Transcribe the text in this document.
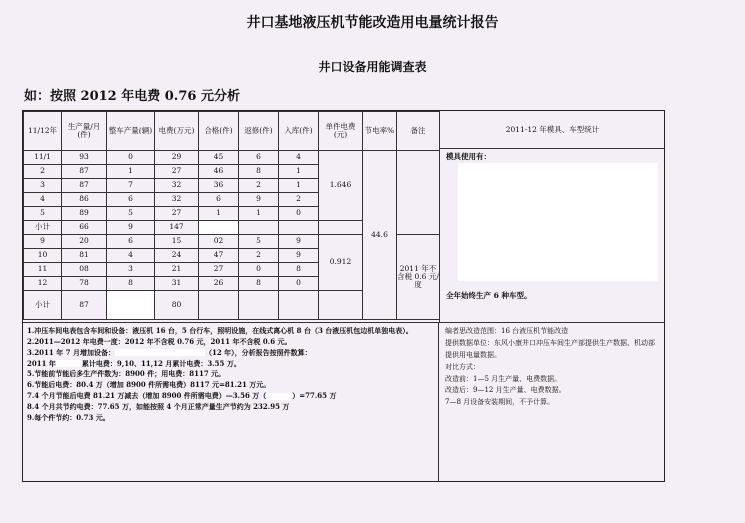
井口基地液压机节能改造用电量统计报告
井口设备用能调查表
如：按照 2012 年电费 0.76 元分析
11/12年	生产量/月(件)	整车产量(辆)	电费(万元)	合格(件)	返修(件)	入库(件)	单件电费(元)	节电率%	备注
11/1	93	0	29	45	6	4	1.646	44.6	
2	87	1	27	46	8	1			
3	87	7	32	36	2	1			
4	86	6	32	6	9	2			
5	89	5	27	1	1	0			
小计	66	9	147						
9	20	6	15	02	5	9	0.912		2011 年不含税 0.6 元/度
10	81	4	24	47	2	9			
11	08	3	21	27	0	8			
12	78	8	31	26	8	0			
小计	87		80						
2011-12 年模具、车型统计
模具使用有：
全年始终生产 6 种车型。
1.冲压车间电表包含车间和设备：液压机 16 台，5 台行车，照明设施，在线式离心机 8 台（3 台液压机包边机单独电表）。
2.2011—2012 年电费一度：2012 年不含税 0.76 元，2011 年不含税 0.6 元。
3.2011 年 7 月增加设备：	（12 年），分析报告按照件数算：
2011 年	累计电费：9,10、11,12 月累计电费：3.55 万。
5.节能前节能后多生产件数为：8900 件；用电费：8117 元。
6.节能后电费：80.4 万（增加 8900 件所需电费）8117 元=81.21 万元。
7.4 个月节能后电费 81.21 万减去（增加 8900 件所需电费）—3.56 万（	）=77.65 万
8.4 个月共节约电费：77.65 万，如能按照 4 个月正常产量生产节约为 232.95 万
9.每个件节约：0.73 元。
编者思改造范围：16 台液压机节能改造
提供数据单位：东风小康井口冲压车间生产部提供生产数据、机动部提供用电量数据。
对比方式：
改造前：1—5 月生产量、电费数据。
改造后：9—12 月生产量、电费数据。
7—8 月设备安装期间，不予计算。
